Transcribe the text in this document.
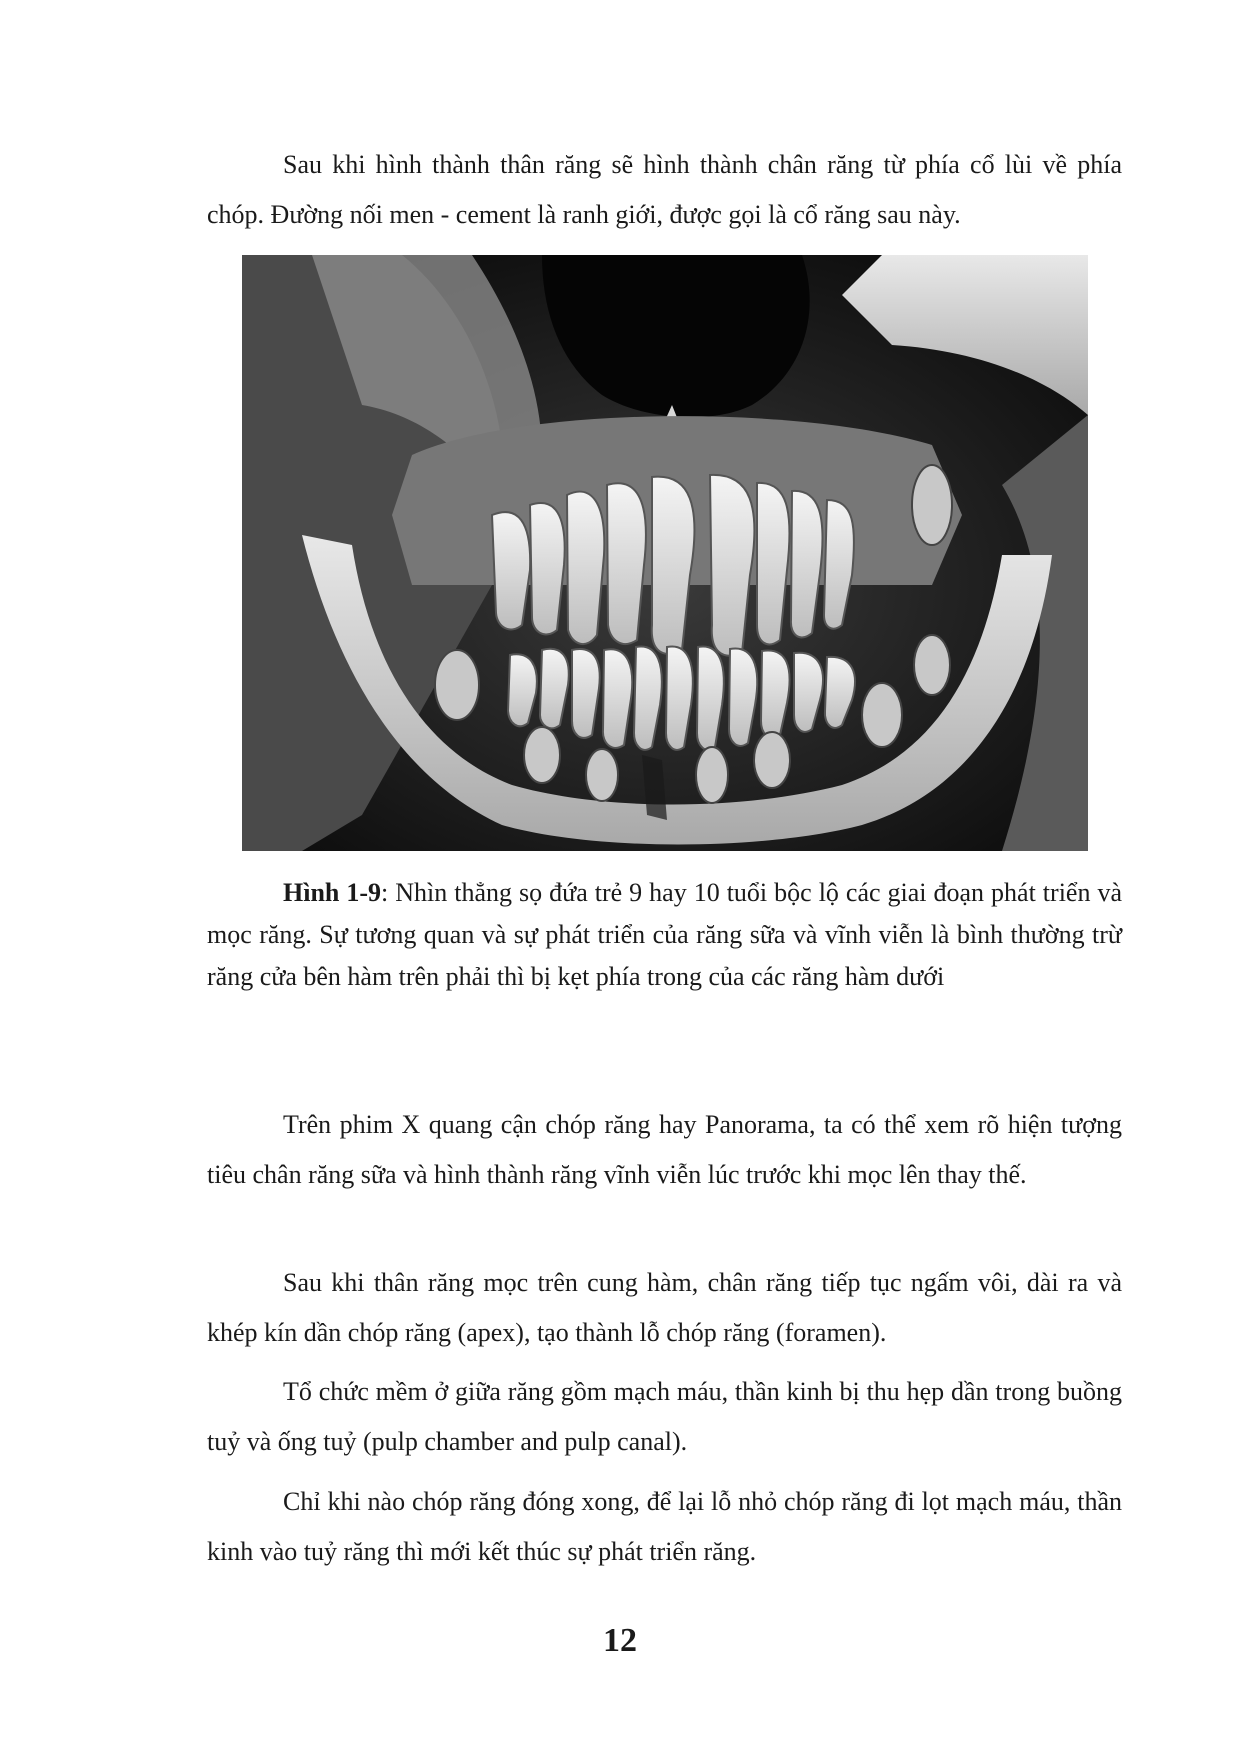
Sau khi hình thành thân răng sẽ hình thành chân răng từ phía cổ lùi về phía chóp. Đường nối men - cement là ranh giới, được gọi là cổ răng sau này.

Hình 1-9: Nhìn thẳng sọ đứa trẻ 9 hay 10 tuổi bộc lộ các giai đoạn phát triển và mọc răng. Sự tương quan và sự phát triển của răng sữa và vĩnh viễn là bình thường trừ răng cửa bên hàm trên phải thì bị kẹt phía trong của các răng hàm dưới

Trên phim X quang cận chóp răng hay Panorama, ta có thể xem rõ hiện tượng tiêu chân răng sữa và hình thành răng vĩnh viễn lúc trước khi mọc lên thay thế.

Sau khi thân răng mọc trên cung hàm, chân răng tiếp tục ngấm vôi, dài ra và khép kín dần chóp răng (apex), tạo thành lỗ chóp răng (foramen).

Tổ chức mềm ở giữa răng gồm mạch máu, thần kinh bị thu hẹp dần trong buồng tuỷ và ống tuỷ (pulp chamber and pulp canal).

Chỉ khi nào chóp răng đóng xong, để lại lỗ nhỏ chóp răng đi lọt mạch máu, thần kinh vào tuỷ răng thì mới kết thúc sự phát triển răng.

12
